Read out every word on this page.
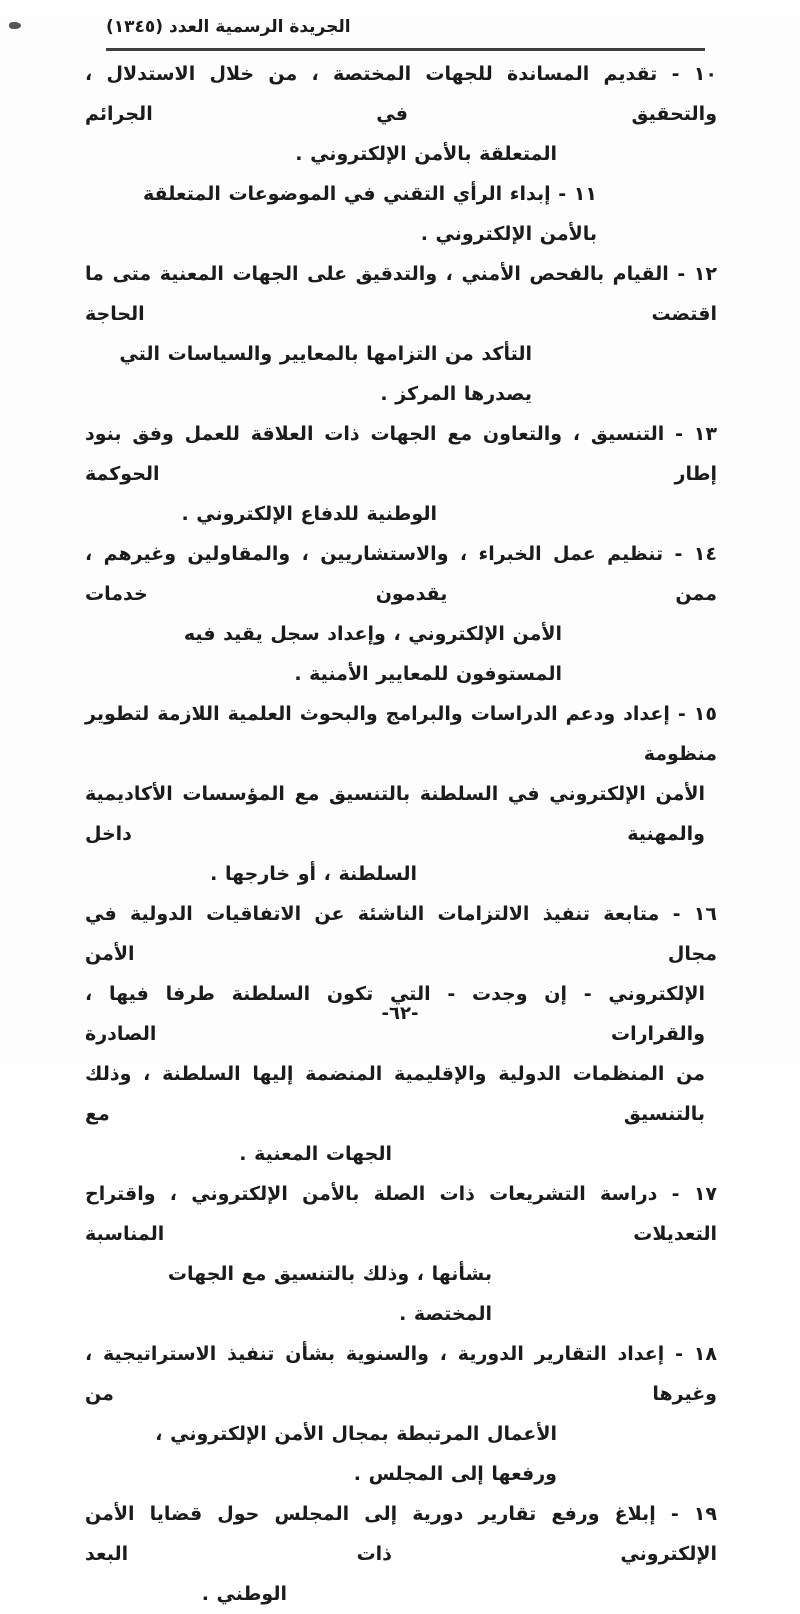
الجريدة الرسمية العدد (١٣٤٥)
١٠ - تقديم المساندة للجهات المختصة ، من خلال الاستدلال ، والتحقيق في الجرائم
المتعلقة بالأمن الإلكتروني .
١١ - إبداء الرأي التقني في الموضوعات المتعلقة بالأمن الإلكتروني .
١٢ - القيام بالفحص الأمني ، والتدقيق على الجهات المعنية متى ما اقتضت الحاجة
التأكد من التزامها بالمعايير والسياسات التي يصدرها المركز .
١٣ - التنسيق ، والتعاون مع الجهات ذات العلاقة للعمل وفق بنود إطار الحوكمة
الوطنية للدفاع الإلكتروني .
١٤ - تنظيم عمل الخبراء ، والاستشاريين ، والمقاولين وغيرهم ، ممن يقدمون خدمات
الأمن الإلكتروني ، وإعداد سجل يقيد فيه المستوفون للمعايير الأمنية .
١٥ - إعداد ودعم الدراسات والبرامج والبحوث العلمية اللازمة لتطوير منظومة
الأمن الإلكتروني في السلطنة بالتنسيق مع المؤسسات الأكاديمية والمهنية داخل
السلطنة ، أو خارجها .
١٦ - متابعة تنفيذ الالتزامات الناشئة عن الاتفاقيات الدولية في مجال الأمن
الإلكتروني - إن وجدت - التي تكون السلطنة طرفا فيها ، والقرارات الصادرة
من المنظمات الدولية والإقليمية المنضمة إليها السلطنة ، وذلك بالتنسيق مع
الجهات المعنية .
١٧ - دراسة التشريعات ذات الصلة بالأمن الإلكتروني ، واقتراح التعديلات المناسبة
بشأنها ، وذلك بالتنسيق مع الجهات المختصة .
١٨ - إعداد التقارير الدورية ، والسنوية بشأن تنفيذ الاستراتيجية ، وغيرها من
الأعمال المرتبطة بمجال الأمن الإلكتروني ، ورفعها إلى المجلس .
١٩ - إبلاغ ورفع تقارير دورية إلى المجلس حول قضايا الأمن الإلكتروني ذات البعد
الوطني .
-٦٢-
